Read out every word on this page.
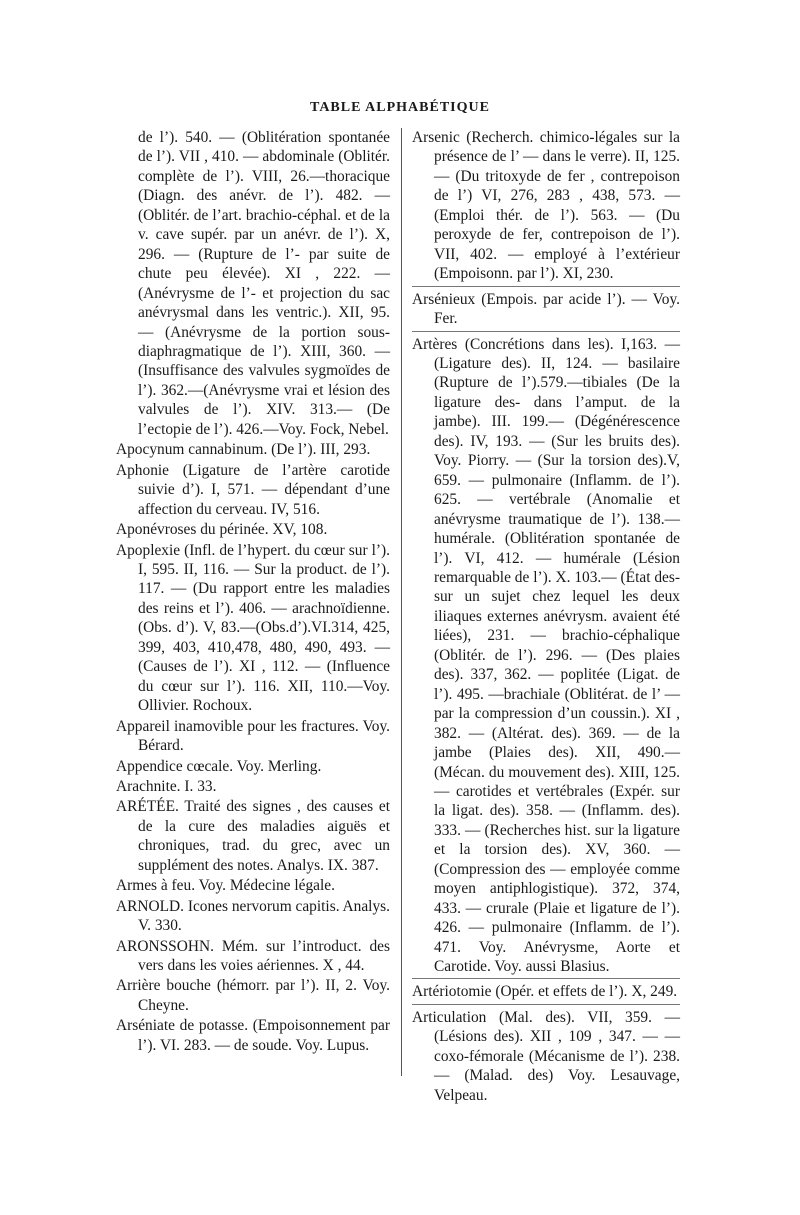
TABLE ALPHABÉTIQUE

de l’). 540. — (Oblitération spontanée de l’). VII , 410. — abdominale (Oblitér. complète de l’). VIII, 26.—thoracique (Diagn. des anévr. de l’). 482. — (Oblitér. de l’art. brachio-céphal. et de la v. cave supér. par un anévr. de l’). X, 296. — (Rupture de l’- par suite de chute peu élevée). XI , 222. — (Anévrysme de l’- et projection du sac anévrysmal dans les ventric.). XII, 95. — (Anévrysme de la portion sous-diaphragmatique de l’). XIII, 360. — (Insuffisance des valvules sygmoïdes de l’). 362.—(Anévrysme vrai et lésion des valvules de l’). XIV. 313.— (De l’ectopie de l’). 426.—Voy. Fock, Nebel.

Apocynum cannabinum. (De l’). III, 293.

Aphonie (Ligature de l’artère carotide suivie d’). I, 571. — dépendant d’une affection du cerveau. IV, 516.

Aponévroses du périnée. XV, 108.

Apoplexie (Infl. de l’hypert. du cœur sur l’). I, 595. II, 116. — Sur la product. de l’). 117. — (Du rapport entre les maladies des reins et l’). 406. — arachnoïdienne. (Obs. d’). V, 83.—(Obs.d’).VI.314, 425, 399, 403, 410,478, 480, 490, 493. — (Causes de l’). XI , 112. — (Influence du cœur sur l’). 116. XII, 110.—Voy. Ollivier. Rochoux.

Appareil inamovible pour les fractures. Voy. Bérard.

Appendice cœcale. Voy. Merling.

Arachnite. I. 33.

ARÉTÉE. Traité des signes , des causes et de la cure des maladies aiguës et chroniques, trad. du grec, avec un supplément des notes. Analys. IX. 387.

Armes à feu. Voy. Médecine légale.

ARNOLD. Icones nervorum capitis. Analys. V. 330.

ARONSSOHN. Mém. sur l’introduct. des vers dans les voies aériennes. X , 44.

Arrière bouche (hémorr. par l’). II, 2. Voy. Cheyne.

Arséniate de potasse. (Empoisonnement par l’). VI. 283. — de soude. Voy. Lupus.

Arsenic (Recherch. chimico-légales sur la présence de l’ — dans le verre). II, 125. — (Du tritoxyde de fer , contrepoison de l’) VI, 276, 283 , 438, 573. — (Emploi thér. de l’). 563. — (Du peroxyde de fer, contrepoison de l’). VII, 402. — employé à l’extérieur (Empoisonn. par l’). XI, 230.

Arsénieux (Empois. par acide l’). — Voy. Fer.

Artères (Concrétions dans les). I,163. — (Ligature des). II, 124. — basilaire (Rupture de l’).579.—tibiales (De la ligature des- dans l’amput. de la jambe). III. 199.— (Dégénérescence des). IV, 193. — (Sur les bruits des). Voy. Piorry. — (Sur la torsion des).V, 659. — pulmonaire (Inflamm. de l’). 625. — vertébrale (Anomalie et anévrysme traumatique de l’). 138.— humérale. (Oblitération spontanée de l’). VI, 412. — humérale (Lésion remarquable de l’). X. 103.— (État des- sur un sujet chez lequel les deux iliaques externes anévrysm. avaient été liées), 231. — brachio-céphalique (Oblitér. de l’). 296. — (Des plaies des). 337, 362. — poplitée (Ligat. de l’). 495. —brachiale (Oblitérat. de l’ — par la compression d’un coussin.). XI , 382. — (Altérat. des). 369. — de la jambe (Plaies des). XII, 490.— (Mécan. du mouvement des). XIII, 125. — carotides et vertébrales (Expér. sur la ligat. des). 358. — (Inflamm. des). 333. — (Recherches hist. sur la ligature et la torsion des). XV, 360. — (Compression des — employée comme moyen antiphlogistique). 372, 374, 433. — crurale (Plaie et ligature de l’). 426. — pulmonaire (Inflamm. de l’). 471. Voy. Anévrysme, Aorte et Carotide. Voy. aussi Blasius.

Artériotomie (Opér. et effets de l’). X, 249.

Articulation (Mal. des). VII, 359. — (Lésions des). XII , 109 , 347. — — coxo-fémorale (Mécanisme de l’). 238. — (Malad. des) Voy. Lesauvage, Velpeau.
